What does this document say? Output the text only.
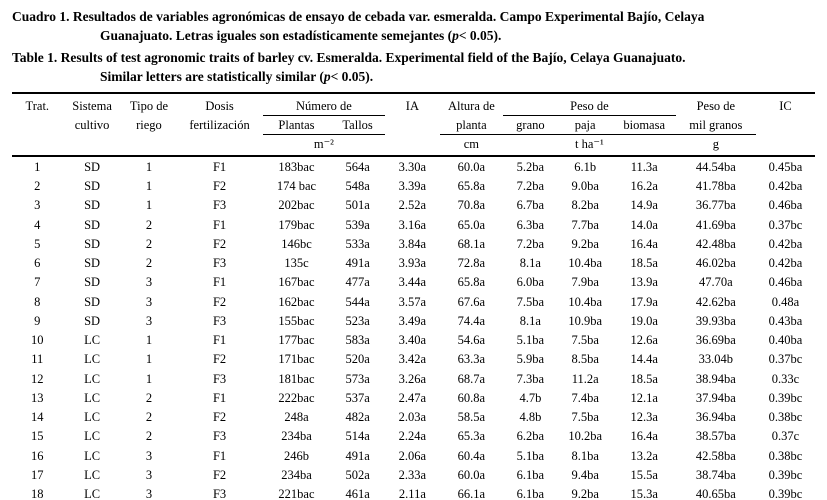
Cuadro 1. Resultados de variables agronómicas de ensayo de cebada var. esmeralda. Campo Experimental Bajío, Celaya
Guanajuato. Letras iguales son estadísticamente semejantes (p< 0.05).

Table 1. Results of test agronomic traits of barley cv. Esmeralda. Experimental field of the Bajío, Celaya Guanajuato.
Similar letters are statistically similar (p< 0.05).

Trat.	Sistema	Tipo de	Dosis	Número de		IA	Altura de	Peso de			Peso de	IC
	cultivo	riego	fertilización	Plantas	Tallos		planta	grano	paja	biomasa	mil granos	
				m⁻²			cm	t ha⁻¹			g	
1	SD	1	F1	183bac	564a	3.30a	60.0a	5.2ba	6.1b	11.3a	44.54ba	0.45ba
2	SD	1	F2	174 bac	548a	3.39a	65.8a	7.2ba	9.0ba	16.2a	41.78ba	0.42ba
3	SD	1	F3	202bac	501a	2.52a	70.8a	6.7ba	8.2ba	14.9a	36.77ba	0.46ba
4	SD	2	F1	179bac	539a	3.16a	65.0a	6.3ba	7.7ba	14.0a	41.69ba	0.37bc
5	SD	2	F2	146bc	533a	3.84a	68.1a	7.2ba	9.2ba	16.4a	42.48ba	0.42ba
6	SD	2	F3	135c	491a	3.93a	72.8a	8.1a	10.4ba	18.5a	46.02ba	0.42ba
7	SD	3	F1	167bac	477a	3.44a	65.8a	6.0ba	7.9ba	13.9a	47.70a	0.46ba
8	SD	3	F2	162bac	544a	3.57a	67.6a	7.5ba	10.4ba	17.9a	42.62ba	0.48a
9	SD	3	F3	155bac	523a	3.49a	74.4a	8.1a	10.9ba	19.0a	39.93ba	0.43ba
10	LC	1	F1	177bac	583a	3.40a	54.6a	5.1ba	7.5ba	12.6a	36.69ba	0.40ba
11	LC	1	F2	171bac	520a	3.42a	63.3a	5.9ba	8.5ba	14.4a	33.04b	0.37bc
12	LC	1	F3	181bac	573a	3.26a	68.7a	7.3ba	11.2a	18.5a	38.94ba	0.33c
13	LC	2	F1	222bac	537a	2.47a	60.8a	4.7b	7.4ba	12.1a	37.94ba	0.39bc
14	LC	2	F2	248a	482a	2.03a	58.5a	4.8b	7.5ba	12.3a	36.94ba	0.38bc
15	LC	2	F3	234ba	514a	2.24a	65.3a	6.2ba	10.2ba	16.4a	38.57ba	0.37c
16	LC	3	F1	246b	491a	2.06a	60.4a	5.1ba	8.1ba	13.2a	42.58ba	0.38bc
17	LC	3	F2	234ba	502a	2.33a	60.0a	6.1ba	9.4ba	15.5a	38.74ba	0.39bc
18	LC	3	F3	221bac	461a	2.11a	66.1a	6.1ba	9.2ba	15.3a	40.65ba	0.39bc
